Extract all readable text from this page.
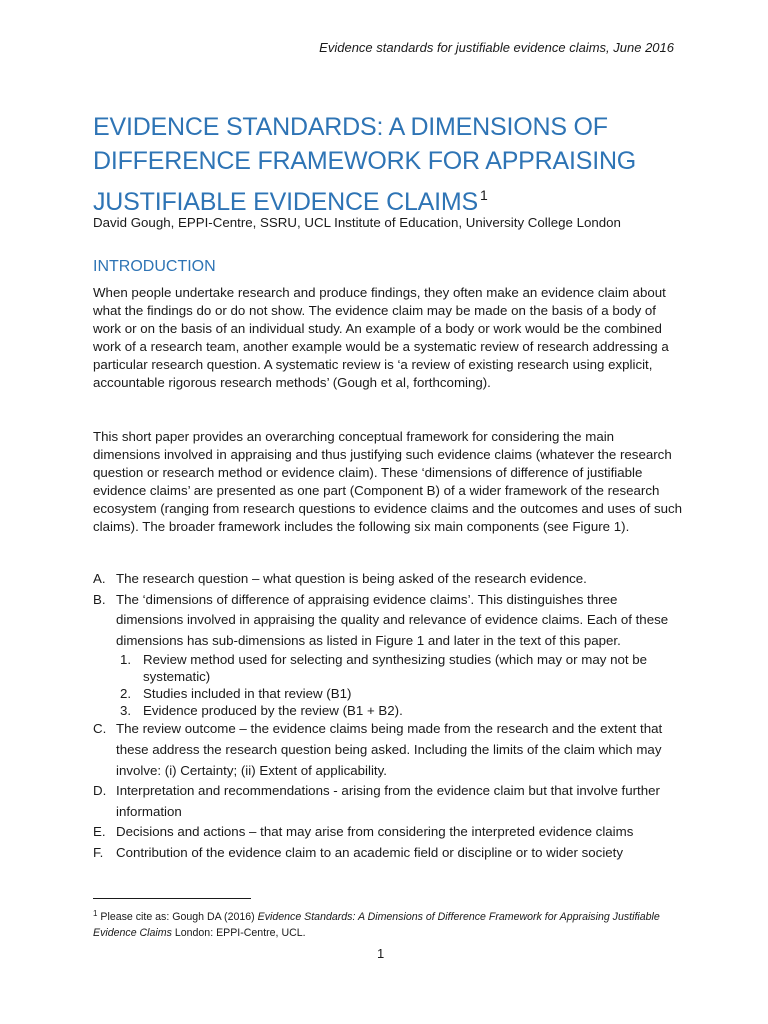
Evidence standards for justifiable evidence claims, June 2016
EVIDENCE STANDARDS: A DIMENSIONS OF DIFFERENCE FRAMEWORK FOR APPRAISING JUSTIFIABLE EVIDENCE CLAIMS $^1$
David Gough, EPPI-Centre, SSRU, UCL Institute of Education, University College London
INTRODUCTION

When people undertake research and produce findings, they often make an evidence claim about what the findings do or do not show. The evidence claim may be made on the basis of a body of work or on the basis of an individual study. An example of a body or work would be the combined work of a research team, another example would be a systematic review of research addressing a particular research question. A systematic review is ‘a review of existing research using explicit, accountable rigorous research methods’ (Gough et al, forthcoming).

This short paper provides an overarching conceptual framework for considering the main dimensions involved in appraising and thus justifying such evidence claims (whatever the research question or research method or evidence claim). These ‘dimensions of difference of justifiable evidence claims’ are presented as one part (Component B) of a wider framework of the research ecosystem (ranging from research questions to evidence claims and the outcomes and uses of such claims). The broader framework includes the following six main components (see Figure 1).

A. The research question – what question is being asked of the research evidence.
B. The ‘dimensions of difference of appraising evidence claims’. This distinguishes three dimensions involved in appraising the quality and relevance of evidence claims. Each of these dimensions has sub-dimensions as listed in Figure 1 and later in the text of this paper.
1. Review method used for selecting and synthesizing studies (which may or may not be systematic)
2. Studies included in that review (B1)
3. Evidence produced by the review (B1 + B2).
C. The review outcome – the evidence claims being made from the research and the extent that these address the research question being asked. Including the limits of the claim which may involve: (i) Certainty; (ii) Extent of applicability.
D. Interpretation and recommendations - arising from the evidence claim but that involve further information
E. Decisions and actions – that may arise from considering the interpreted evidence claims
F. Contribution of the evidence claim to an academic field or discipline or to wider society
$^1$ Please cite as: Gough DA (2016) Evidence Standards: A Dimensions of Difference Framework for Appraising Justifiable Evidence Claims London: EPPI-Centre, UCL.
1
